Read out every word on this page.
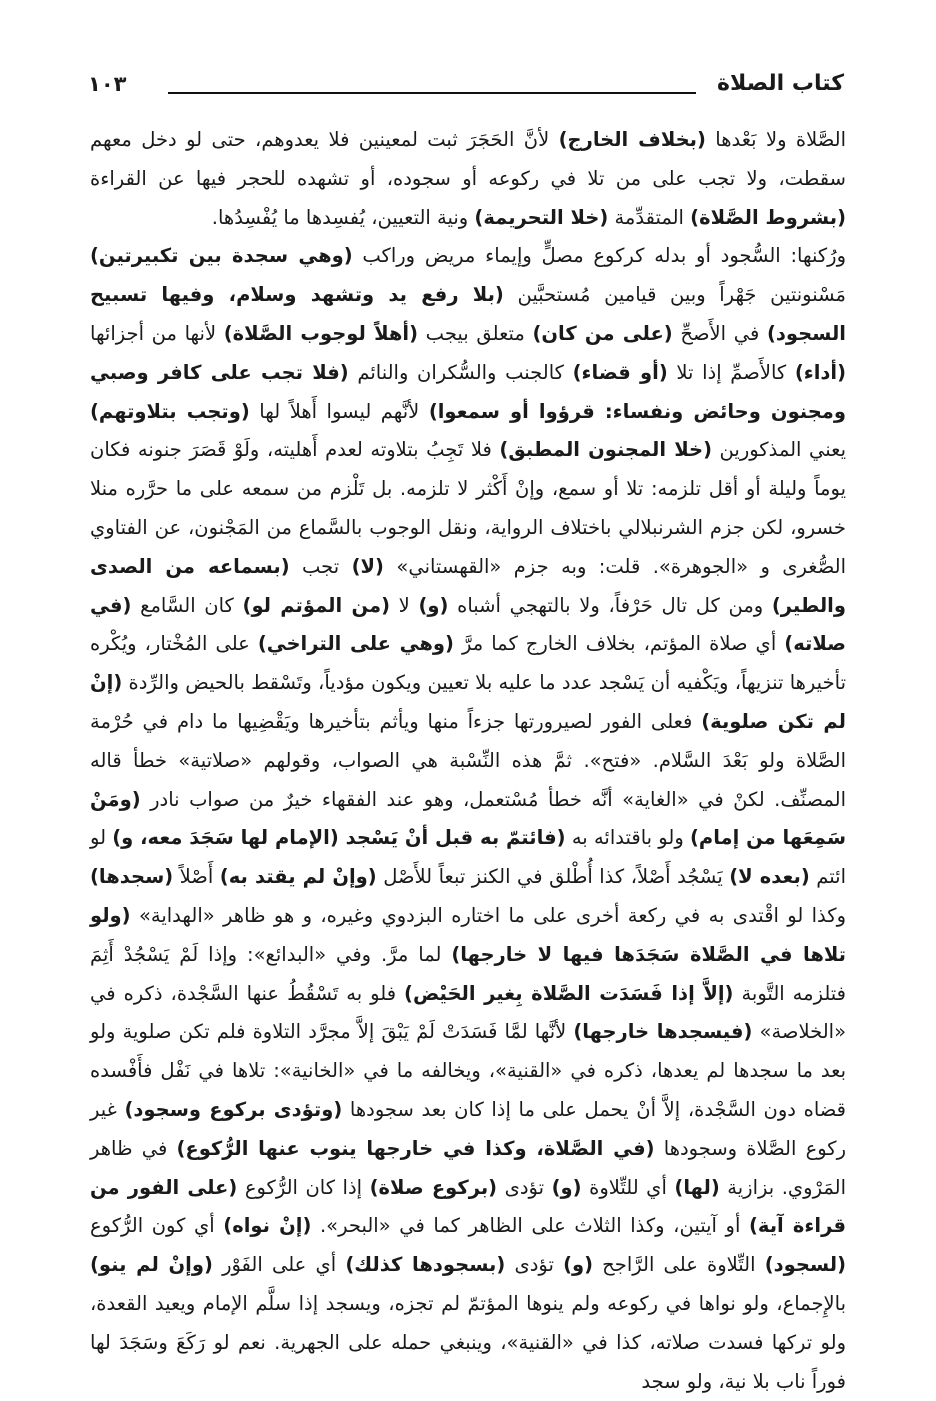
كتاب الصلاة
١٠٣

الصَّلاة ولا بَعْدها (بخلاف الخارج) لأنَّ الحَجَرَ ثبت لمعينين فلا يعدوهم، حتى لو دخل معهم سقطت، ولا تجب على من تلا في ركوعه أو سجوده، أو تشهده للحجر فيها عن القراءة (بشروط الصَّلاة) المتقدِّمة (خلا التحريمة) ونية التعيين، يُفسِدها ما يُفْسِدُها.

ورُكنها: السُّجود أو بدله كركوع مصلٍّ وإيماء مريض وراكب (وهي سجدة بين تكبيرتين) مَسْنونتين جَهْراً وبين قيامين مُستحبَّين (بلا رفع يد وتشهد وسلام، وفيها تسبيح السجود) في الأَصحِّ (على من كان) متعلق بيجب (أهلاً لوجوب الصَّلاة) لأنها من أجزائها (أداء) كالأَصمِّ إذا تلا (أو قضاء) كالجنب والسُّكران والنائم (فلا تجب على كافر وصبي ومجنون وحائض ونفساء: قرؤوا أو سمعوا) لأنَّهم ليسوا أَهلاً لها (وتجب بتلاوتهم) يعني المذكورين (خلا المجنون المطبق) فلا تَجِبُ بتلاوته لعدم أَهليته، ولَوْ قَصَرَ جنونه فكان يوماً وليلة أو أقل تلزمه: تلا أو سمع، وإنْ أَكْثر لا تلزمه. بل تَلْزم من سمعه على ما حرَّره منلا خسرو، لكن جزم الشرنبلالي باختلاف الرواية، ونقل الوجوب بالسَّماع من المَجْنون، عن الفتاوي الصُّغرى و «الجوهرة». قلت: وبه جزم «القهستاني» (لا) تجب (بسماعه من الصدى والطير) ومن كل تال حَرْفاً، ولا بالتهجي أشباه (و) لا (من المؤتم لو) كان السَّامع (في صلاته) أي صلاة المؤتم، بخلاف الخارج كما مرَّ (وهي على التراخي) على المُخْتار، ويُكْره تأخيرها تنزيهاً، ويَكْفيه أن يَسْجد عدد ما عليه بلا تعيين ويكون مؤدياً، وتَسْقط بالحيض والرِّدة (إنْ لم تكن صلوية) فعلى الفور لصيرورتها جزءاً منها ويأثم بتأخيرها ويَقْضِيها ما دام في حُرْمة الصَّلاة ولو بَعْدَ السَّلام. «فتح». ثمَّ هذه النِّسْبة هي الصواب، وقولهم «صلاتية» خطأ قاله المصنِّف. لكنْ في «الغاية» أنَّه خطأ مُسْتعمل، وهو عند الفقهاء خيرٌ من صواب نادر (ومَنْ سَمِعَها من إمام) ولو باقتدائه به (فائتمّ به قبل أنْ يَسْجد (الإمام لها سَجَدَ معه، و) لو ائتم (بعده لا) يَسْجُد أَصْلاً، كذا أُطْلق في الكنز تبعاً للأَصْل (وإنْ لم يقتد به) أَصْلاً (سجدها) وكذا لو اقْتدى به في ركعة أخرى على ما اختاره البزدوي وغيره، و هو ظاهر «الهداية» (ولو تلاها في الصَّلاة سَجَدَها فيها لا خارجها) لما مرَّ. وفي «البدائع»: وإذا لَمْ يَسْجُدْ أَثِمَ فتلزمه التَّوبة (إلاَّ إذا فَسَدَت الصَّلاة بِغير الحَيْض) فلو به تَسْقُطُ عنها السَّجْدة، ذكره في «الخلاصة» (فيسجدها خارجها) لأنَّها لمَّا فَسَدَتْ لَمْ يَبْقَ إلاَّ مجرَّد التلاوة فلم تكن صلوية ولو بعد ما سجدها لم يعدها، ذكره في «القنية»، ويخالفه ما في «الخانية»: تلاها في نَفْل فأَفْسده قضاه دون السَّجْدة، إلاَّ أنْ يحمل على ما إذا كان بعد سجودها (وتؤدى بركوع وسجود) غير ركوع الصَّلاة وسجودها (في الصَّلاة، وكذا في خارجها ينوب عنها الرُّكوع) في ظاهر المَرْوي. بزازية (لها) أي للتِّلاوة (و) تؤدى (بركوع صلاة) إذا كان الرُّكوع (على الفور من قراءة آية) أو آيتين، وكذا الثلاث على الظاهر كما في «البحر». (إنْ نواه) أي كون الرُّكوع (لسجود) التِّلاوة على الرَّاجح (و) تؤدى (بسجودها كذلك) أي على الفَوْر (وإنْ لم ينو) بالإِجماع، ولو نواها في ركوعه ولم ينوها المؤتمّ لم تجزه، ويسجد إذا سلَّم الإمام ويعيد القعدة، ولو تركها فسدت صلاته، كذا في «القنية»، وينبغي حمله على الجهرية. نعم لو رَكَعَ وسَجَدَ لها فوراً ناب بلا نية، ولو سجد
